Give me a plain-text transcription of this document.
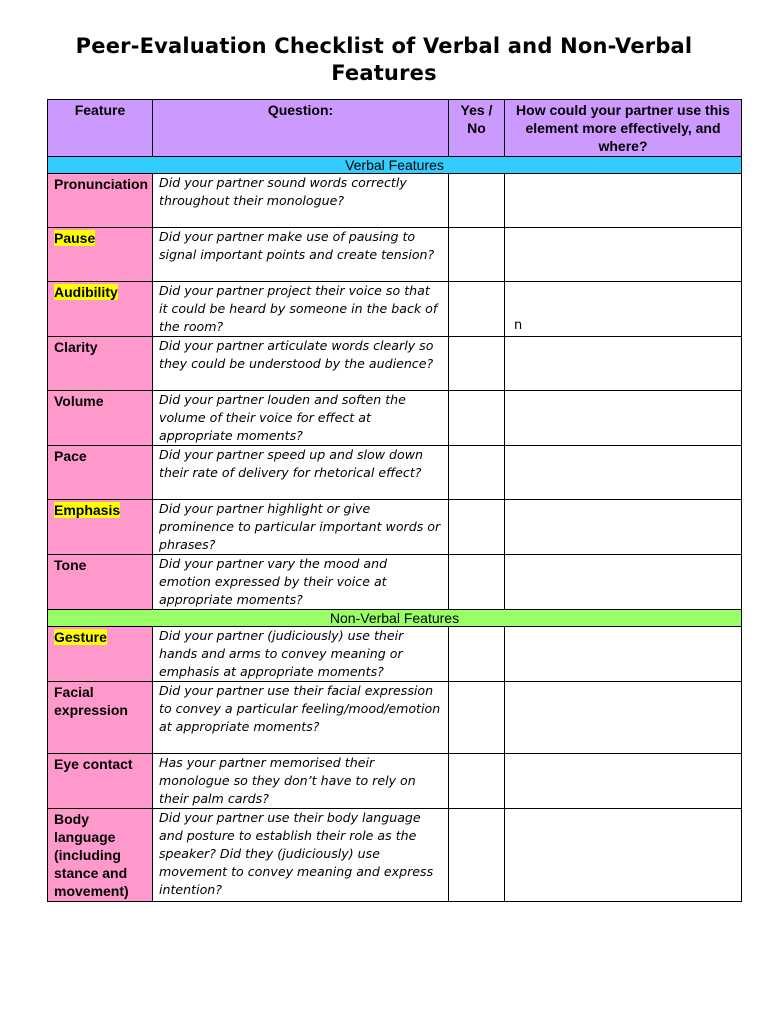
Peer-Evaluation Checklist of Verbal and Non-Verbal Features
Feature	Question:	Yes / No	How could your partner use this element more effectively, and where?
Verbal Features			
Pronunciation	Did your partner sound words correctly throughout their monologue?		
Pause	Did your partner make use of pausing to signal important points and create tension?		
Audibility	Did your partner project their voice so that it could be heard by someone in the back of the room?		n
Clarity	Did your partner articulate words clearly so they could be understood by the audience?		
Volume	Did your partner louden and soften the volume of their voice for effect at appropriate moments?		
Pace	Did your partner speed up and slow down their rate of delivery for rhetorical effect?		
Emphasis	Did your partner highlight or give prominence to particular important words or phrases?		
Tone	Did your partner vary the mood and emotion expressed by their voice at appropriate moments?		
Non-Verbal Features			
Gesture	Did your partner (judiciously) use their hands and arms to convey meaning or emphasis at appropriate moments?		
Facial expression	Did your partner use their facial expression to convey a particular feeling/mood/emotion at appropriate moments?		
Eye contact	Has your partner memorised their monologue so they don’t have to rely on their palm cards?		
Body language (including stance and movement)	Did your partner use their body language and posture to establish their role as the speaker? Did they (judiciously) use movement to convey meaning and express intention?		
